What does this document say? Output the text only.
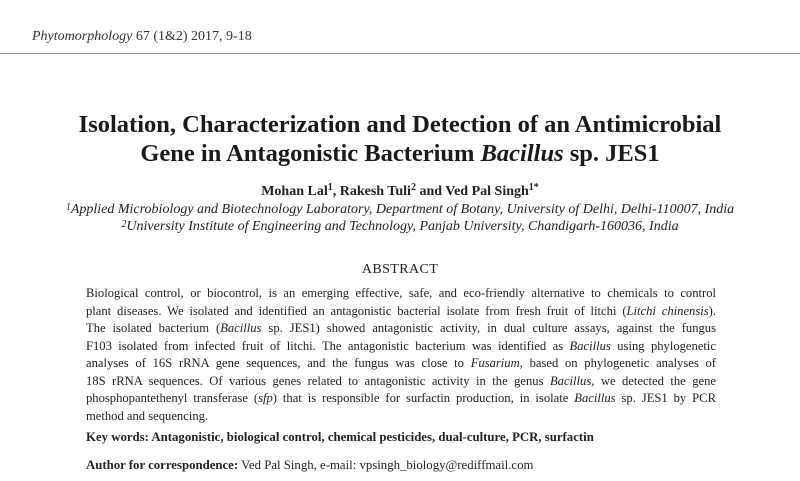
Phytomorphology 67 (1&2) 2017, 9-18
Isolation, Characterization and Detection of an Antimicrobial
Gene in Antagonistic Bacterium Bacillus sp. JES1
Mohan Lal$^1$, Rakesh Tuli$^2$ and Ved Pal Singh$^{1*}$
$^1$Applied Microbiology and Biotechnology Laboratory, Department of Botany, University of Delhi, Delhi-110007, India
$^2$University Institute of Engineering and Technology, Panjab University, Chandigarh-160036, India
ABSTRACT
Biological control, or biocontrol, is an emerging effective, safe, and eco-friendly alternative to chemicals to control
plant diseases. We isolated and identified an antagonistic bacterial isolate from fresh fruit of litchi (Litchi chinensis).
The isolated bacterium (Bacillus sp. JES1) showed antagonistic activity, in dual culture assays, against the fungus
F103 isolated from infected fruit of litchi. The antagonistic bacterium was identified as Bacillus using phylogenetic
analyses of 16S rRNA gene sequences, and the fungus was close to Fusarium, based on phylogenetic analyses of
18S rRNA sequences. Of various genes related to antagonistic activity in the genus Bacillus, we detected the gene
phosphopantethenyl transferase (sfp) that is responsible for surfactin production, in isolate Bacillus sp. JES1 by PCR
method and sequencing.
Key words: Antagonistic, biological control, chemical pesticides, dual-culture, PCR, surfactin
Author for correspondence: Ved Pal Singh, e-mail: vpsingh_biology@rediffmail.com
